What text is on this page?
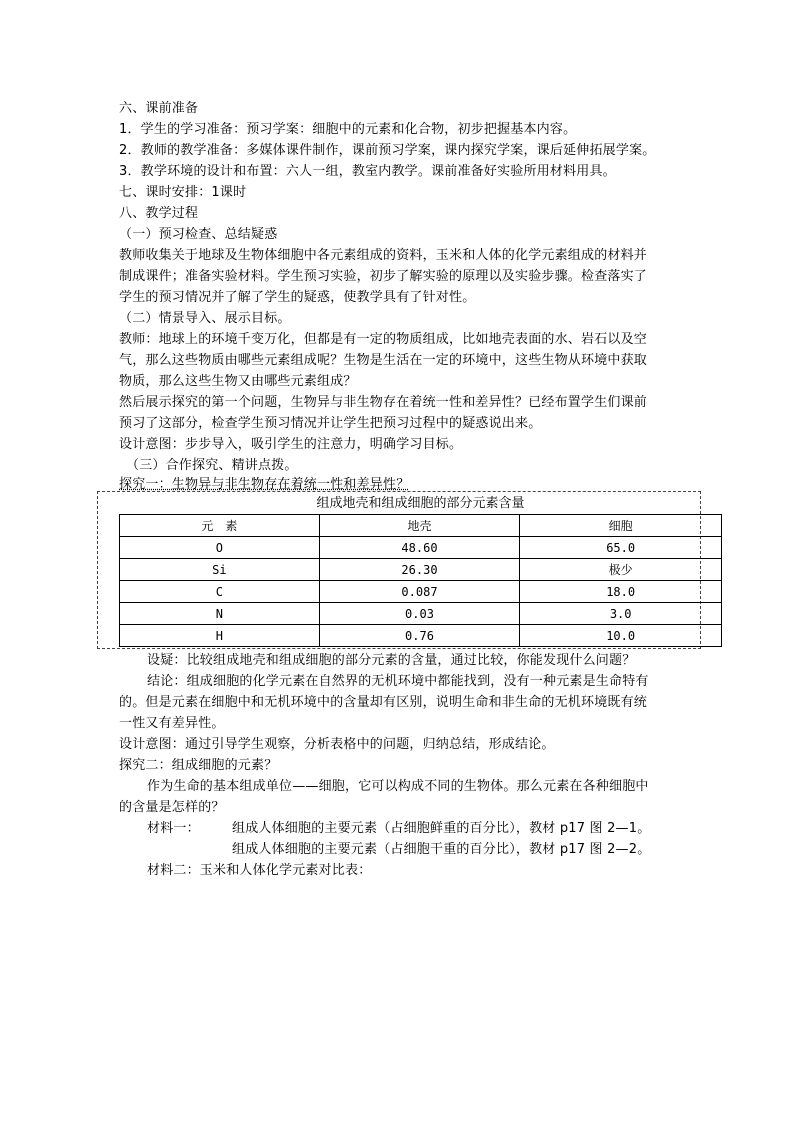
六、课前准备
1．学生的学习准备：预习学案：细胞中的元素和化合物，初步把握基本内容。
2．教师的教学准备：多媒体课件制作，课前预习学案，课内探究学案，课后延伸拓展学案。
3．教学环境的设计和布置：六人一组，教室内教学。课前准备好实验所用材料用具。
七、课时安排：1课时
八、教学过程
（一）预习检查、总结疑惑
教师收集关于地球及生物体细胞中各元素组成的资料，玉米和人体的化学元素组成的材料并
制成课件；准备实验材料。学生预习实验，初步了解实验的原理以及实验步骤。检查落实了
学生的预习情况并了解了学生的疑惑，使教学具有了针对性。
（二）情景导入、展示目标。
教师：地球上的环境千变万化，但都是有一定的物质组成，比如地壳表面的水、岩石以及空
气，那么这些物质由哪些元素组成呢？生物是生活在一定的环境中，这些生物从环境中获取
物质，那么这些生物又由哪些元素组成？
然后展示探究的第一个问题，生物异与非生物存在着统一性和差异性？已经布置学生们课前
预习了这部分，检查学生预习情况并让学生把预习过程中的疑惑说出来。
设计意图：步步导入，吸引学生的注意力，明确学习目标。
（三）合作探究、精讲点拨。
探究一：生物异与非生物存在着统一性和差异性？
组成地壳和组成细胞的部分元素含量
元　素	地壳	细胞
O	48.60	65.0
Si	26.30	极少
C	0.087	18.0
N	0.03	3.0
H	0.76	10.0
设疑：比较组成地壳和组成细胞的部分元素的含量，通过比较，你能发现什么问题？
结论：组成细胞的化学元素在自然界的无机环境中都能找到，没有一种元素是生命特有
的。但是元素在细胞中和无机环境中的含量却有区别，说明生命和非生命的无机环境既有统
一性又有差异性。
设计意图：通过引导学生观察，分析表格中的问题，归纳总结，形成结论。
探究二：组成细胞的元素？
作为生命的基本组成单位——细胞，它可以构成不同的生物体。那么元素在各种细胞中
的含量是怎样的？
材料一：	组成人体细胞的主要元素（占细胞鲜重的百分比），教材 p17 图 2—1。
组成人体细胞的主要元素（占细胞干重的百分比），教材 p17 图 2—2。
材料二：玉米和人体化学元素对比表：
